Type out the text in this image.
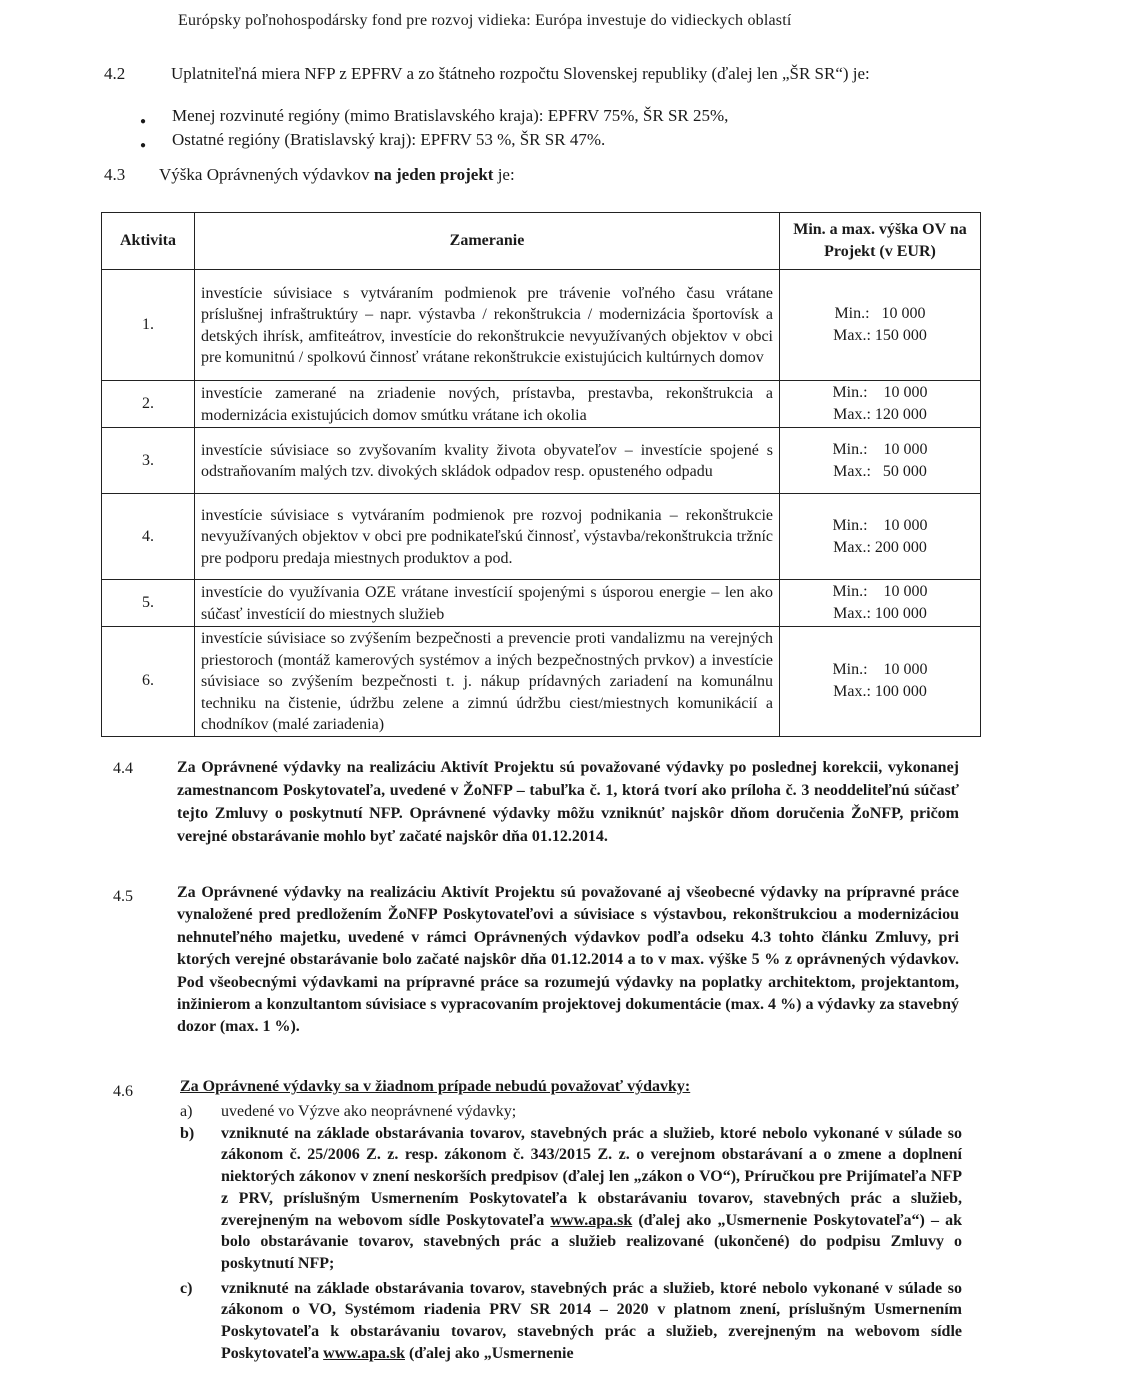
Európsky poľnohospodársky fond pre rozvoj vidieka: Európa investuje do vidieckych oblastí
4.2	Uplatniteľná miera NFP z EPFRV a zo štátneho rozpočtu Slovenskej republiky (ďalej len „ŠR SR“) je:
● Menej rozvinuté regióny (mimo Bratislavského kraja): EPFRV 75%, ŠR SR 25%,
● Ostatné regióny (Bratislavský kraj): EPFRV 53 %, ŠR SR 47%.
4.3 Výška Oprávnených výdavkov na jeden projekt je:
Aktivita	Zameranie	Min. a max. výška OV na Projekt (v EUR)
1.	investície súvisiace s vytváraním podmienok pre trávenie voľného času vrátane príslušnej infraštruktúry – napr. výstavba / rekonštrukcia / modernizácia športovísk a detských ihrísk, amfiteátrov, investície do rekonštrukcie nevyužívaných objektov v obci pre komunitnú / spolkovú činnosť vrátane rekonštrukcie existujúcich kultúrnych domov	Min.:   10 000
Max.: 150 000

2.	investície zamerané na zriadenie nových, prístavba, prestavba, rekonštrukcia a modernizácia existujúcich domov smútku vrátane ich okolia	Min.:    10 000
Max.: 120 000

3.	investície súvisiace so zvyšovaním kvality života obyvateľov – investície spojené s odstraňovaním malých tzv. divokých skládok odpadov resp. opusteného odpadu	Min.:    10 000
Max.:   50 000

4.	investície súvisiace s vytváraním podmienok pre rozvoj podnikania – rekonštrukcie nevyužívaných objektov v obci pre podnikateľskú činnosť, výstavba/rekonštrukcia tržníc pre podporu predaja miestnych produktov a pod.	Min.:    10 000
Max.: 200 000

5.	investície do využívania OZE vrátane investícií spojenými s úsporou energie – len ako súčasť investícií do miestnych služieb	Min.:    10 000
Max.: 100 000

6.	investície súvisiace so zvýšením bezpečnosti a prevencie proti vandalizmu na verejných priestoroch (montáž kamerových systémov a iných bezpečnostných prvkov) a investície súvisiace so zvýšením bezpečnosti t. j. nákup prídavných zariadení na komunálnu techniku na čistenie, údržbu zelene a zimnú údržbu ciest/miestnych komunikácií a chodníkov (malé zariadenia)	Min.:    10 000
Max.: 100 000
4.4	Za Oprávnené výdavky na realizáciu Aktivít Projektu sú považované výdavky po poslednej korekcii, vykonanej zamestnancom Poskytovateľa, uvedené v ŽoNFP – tabuľka č. 1, ktorá tvorí ako príloha č. 3 neoddeliteľnú súčasť tejto Zmluvy o poskytnutí NFP. Oprávnené výdavky môžu vzniknúť najskôr dňom doručenia ŽoNFP, pričom verejné obstarávanie mohlo byť začaté najskôr dňa 01.12.2014.
4.5	Za Oprávnené výdavky na realizáciu Aktivít Projektu sú považované aj všeobecné výdavky na prípravné práce vynaložené pred predložením ŽoNFP Poskytovateľovi a súvisiace s výstavbou, rekonštrukciou a modernizáciou nehnuteľného majetku, uvedené v rámci Oprávnených výdavkov podľa odseku 4.3 tohto článku Zmluvy, pri ktorých verejné obstarávanie bolo začaté najskôr dňa 01.12.2014 a to v max. výške 5 % z oprávnených výdavkov. Pod všeobecnými výdavkami na prípravné práce sa rozumejú výdavky na poplatky architektom, projektantom, inžinierom a konzultantom súvisiace s vypracovaním projektovej dokumentácie (max. 4 %) a výdavky za stavebný dozor (max. 1 %).
4.6	Za Oprávnené výdavky sa v žiadnom prípade nebudú považovať výdavky:
a) uvedené vo Výzve ako neoprávnené výdavky;
b) vzniknuté na základe obstarávania tovarov, stavebných prác a služieb, ktoré nebolo vykonané v súlade so zákonom č. 25/2006 Z. z. resp. zákonom č. 343/2015 Z. z. o verejnom obstarávaní a o zmene a doplnení niektorých zákonov v znení neskorších predpisov (ďalej len „zákon o VO“), Príručkou pre Prijímateľa NFP z PRV, príslušným Usmernením Poskytovateľa k obstarávaniu tovarov, stavebných prác a služieb, zverejneným na webovom sídle Poskytovateľa www.apa.sk (ďalej ako „Usmernenie Poskytovateľa“) – ak bolo obstarávanie tovarov, stavebných prác a služieb realizované (ukončené) do podpisu Zmluvy o poskytnutí NFP;
c) vzniknuté na základe obstarávania tovarov, stavebných prác a služieb, ktoré nebolo vykonané v súlade so zákonom o VO, Systémom riadenia PRV SR 2014 – 2020 v platnom znení, príslušným Usmernením Poskytovateľa k obstarávaniu tovarov, stavebných prác a služieb, zverejneným na webovom sídle Poskytovateľa www.apa.sk (ďalej ako „Usmernenie
